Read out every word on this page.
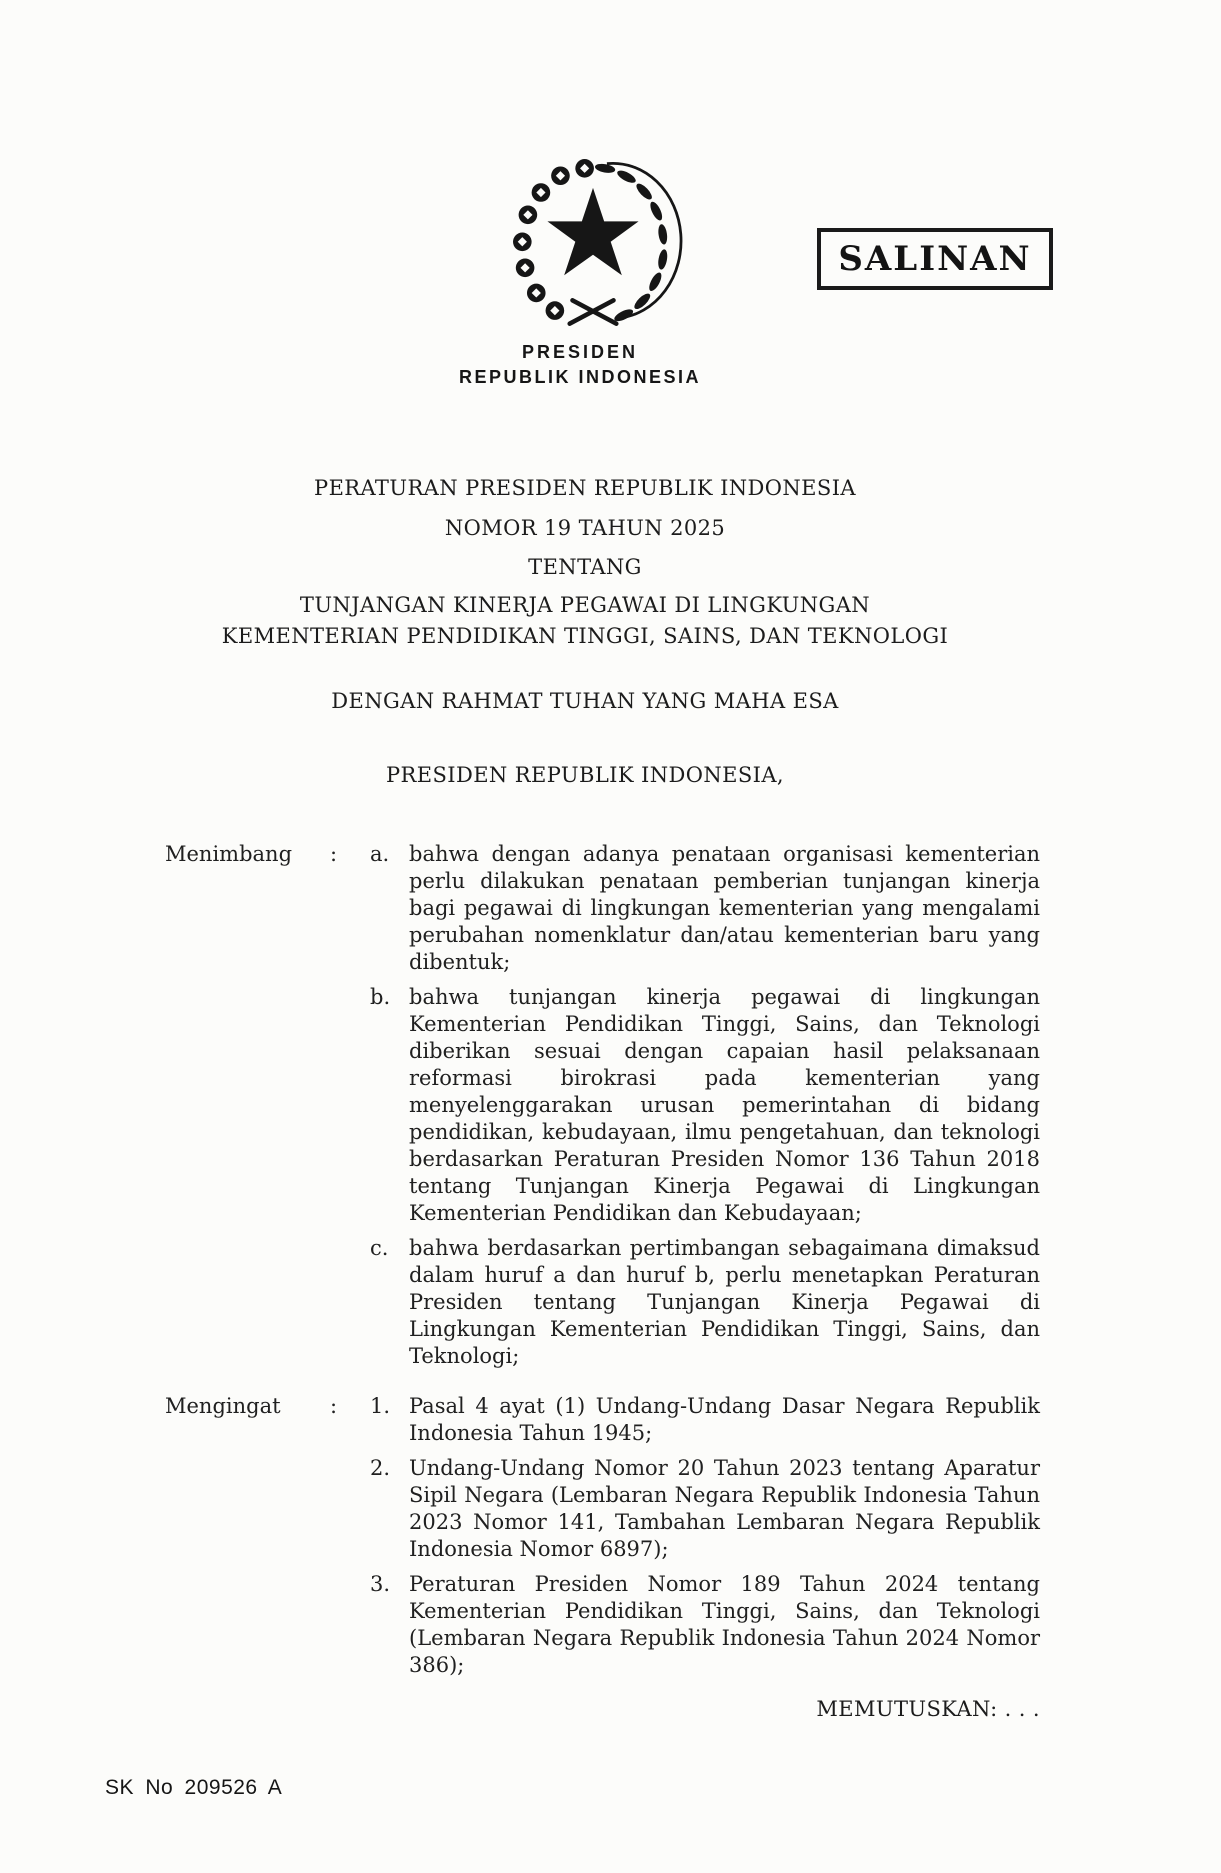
PRESIDEN
REPUBLIK INDONESIA
SALINAN
PERATURAN PRESIDEN REPUBLIK INDONESIA
NOMOR 19 TAHUN 2025
TENTANG
TUNJANGAN KINERJA PEGAWAI DI LINGKUNGAN
KEMENTERIAN PENDIDIKAN TINGGI, SAINS, DAN TEKNOLOGI
DENGAN RAHMAT TUHAN YANG MAHA ESA
PRESIDEN REPUBLIK INDONESIA,
Menimbang	:	a. bahwa dengan adanya penataan organisasi kementerian perlu dilakukan penataan pemberian tunjangan kinerja bagi pegawai di lingkungan kementerian yang mengalami perubahan nomenklatur dan/atau kementerian baru yang dibentuk;
b. bahwa tunjangan kinerja pegawai di lingkungan Kementerian Pendidikan Tinggi, Sains, dan Teknologi diberikan sesuai dengan capaian hasil pelaksanaan reformasi birokrasi pada kementerian yang menyelenggarakan urusan pemerintahan di bidang pendidikan, kebudayaan, ilmu pengetahuan, dan teknologi berdasarkan Peraturan Presiden Nomor 136 Tahun 2018 tentang Tunjangan Kinerja Pegawai di Lingkungan Kementerian Pendidikan dan Kebudayaan;
c. bahwa berdasarkan pertimbangan sebagaimana dimaksud dalam huruf a dan huruf b, perlu menetapkan Peraturan Presiden tentang Tunjangan Kinerja Pegawai di Lingkungan Kementerian Pendidikan Tinggi, Sains, dan Teknologi;
Mengingat	:	1. Pasal 4 ayat (1) Undang-Undang Dasar Negara Republik Indonesia Tahun 1945;
2. Undang-Undang Nomor 20 Tahun 2023 tentang Aparatur Sipil Negara (Lembaran Negara Republik Indonesia Tahun 2023 Nomor 141, Tambahan Lembaran Negara Republik Indonesia Nomor 6897);
3. Peraturan Presiden Nomor 189 Tahun 2024 tentang Kementerian Pendidikan Tinggi, Sains, dan Teknologi (Lembaran Negara Republik Indonesia Tahun 2024 Nomor 386);
MEMUTUSKAN: . . .
SK No 209526 A
